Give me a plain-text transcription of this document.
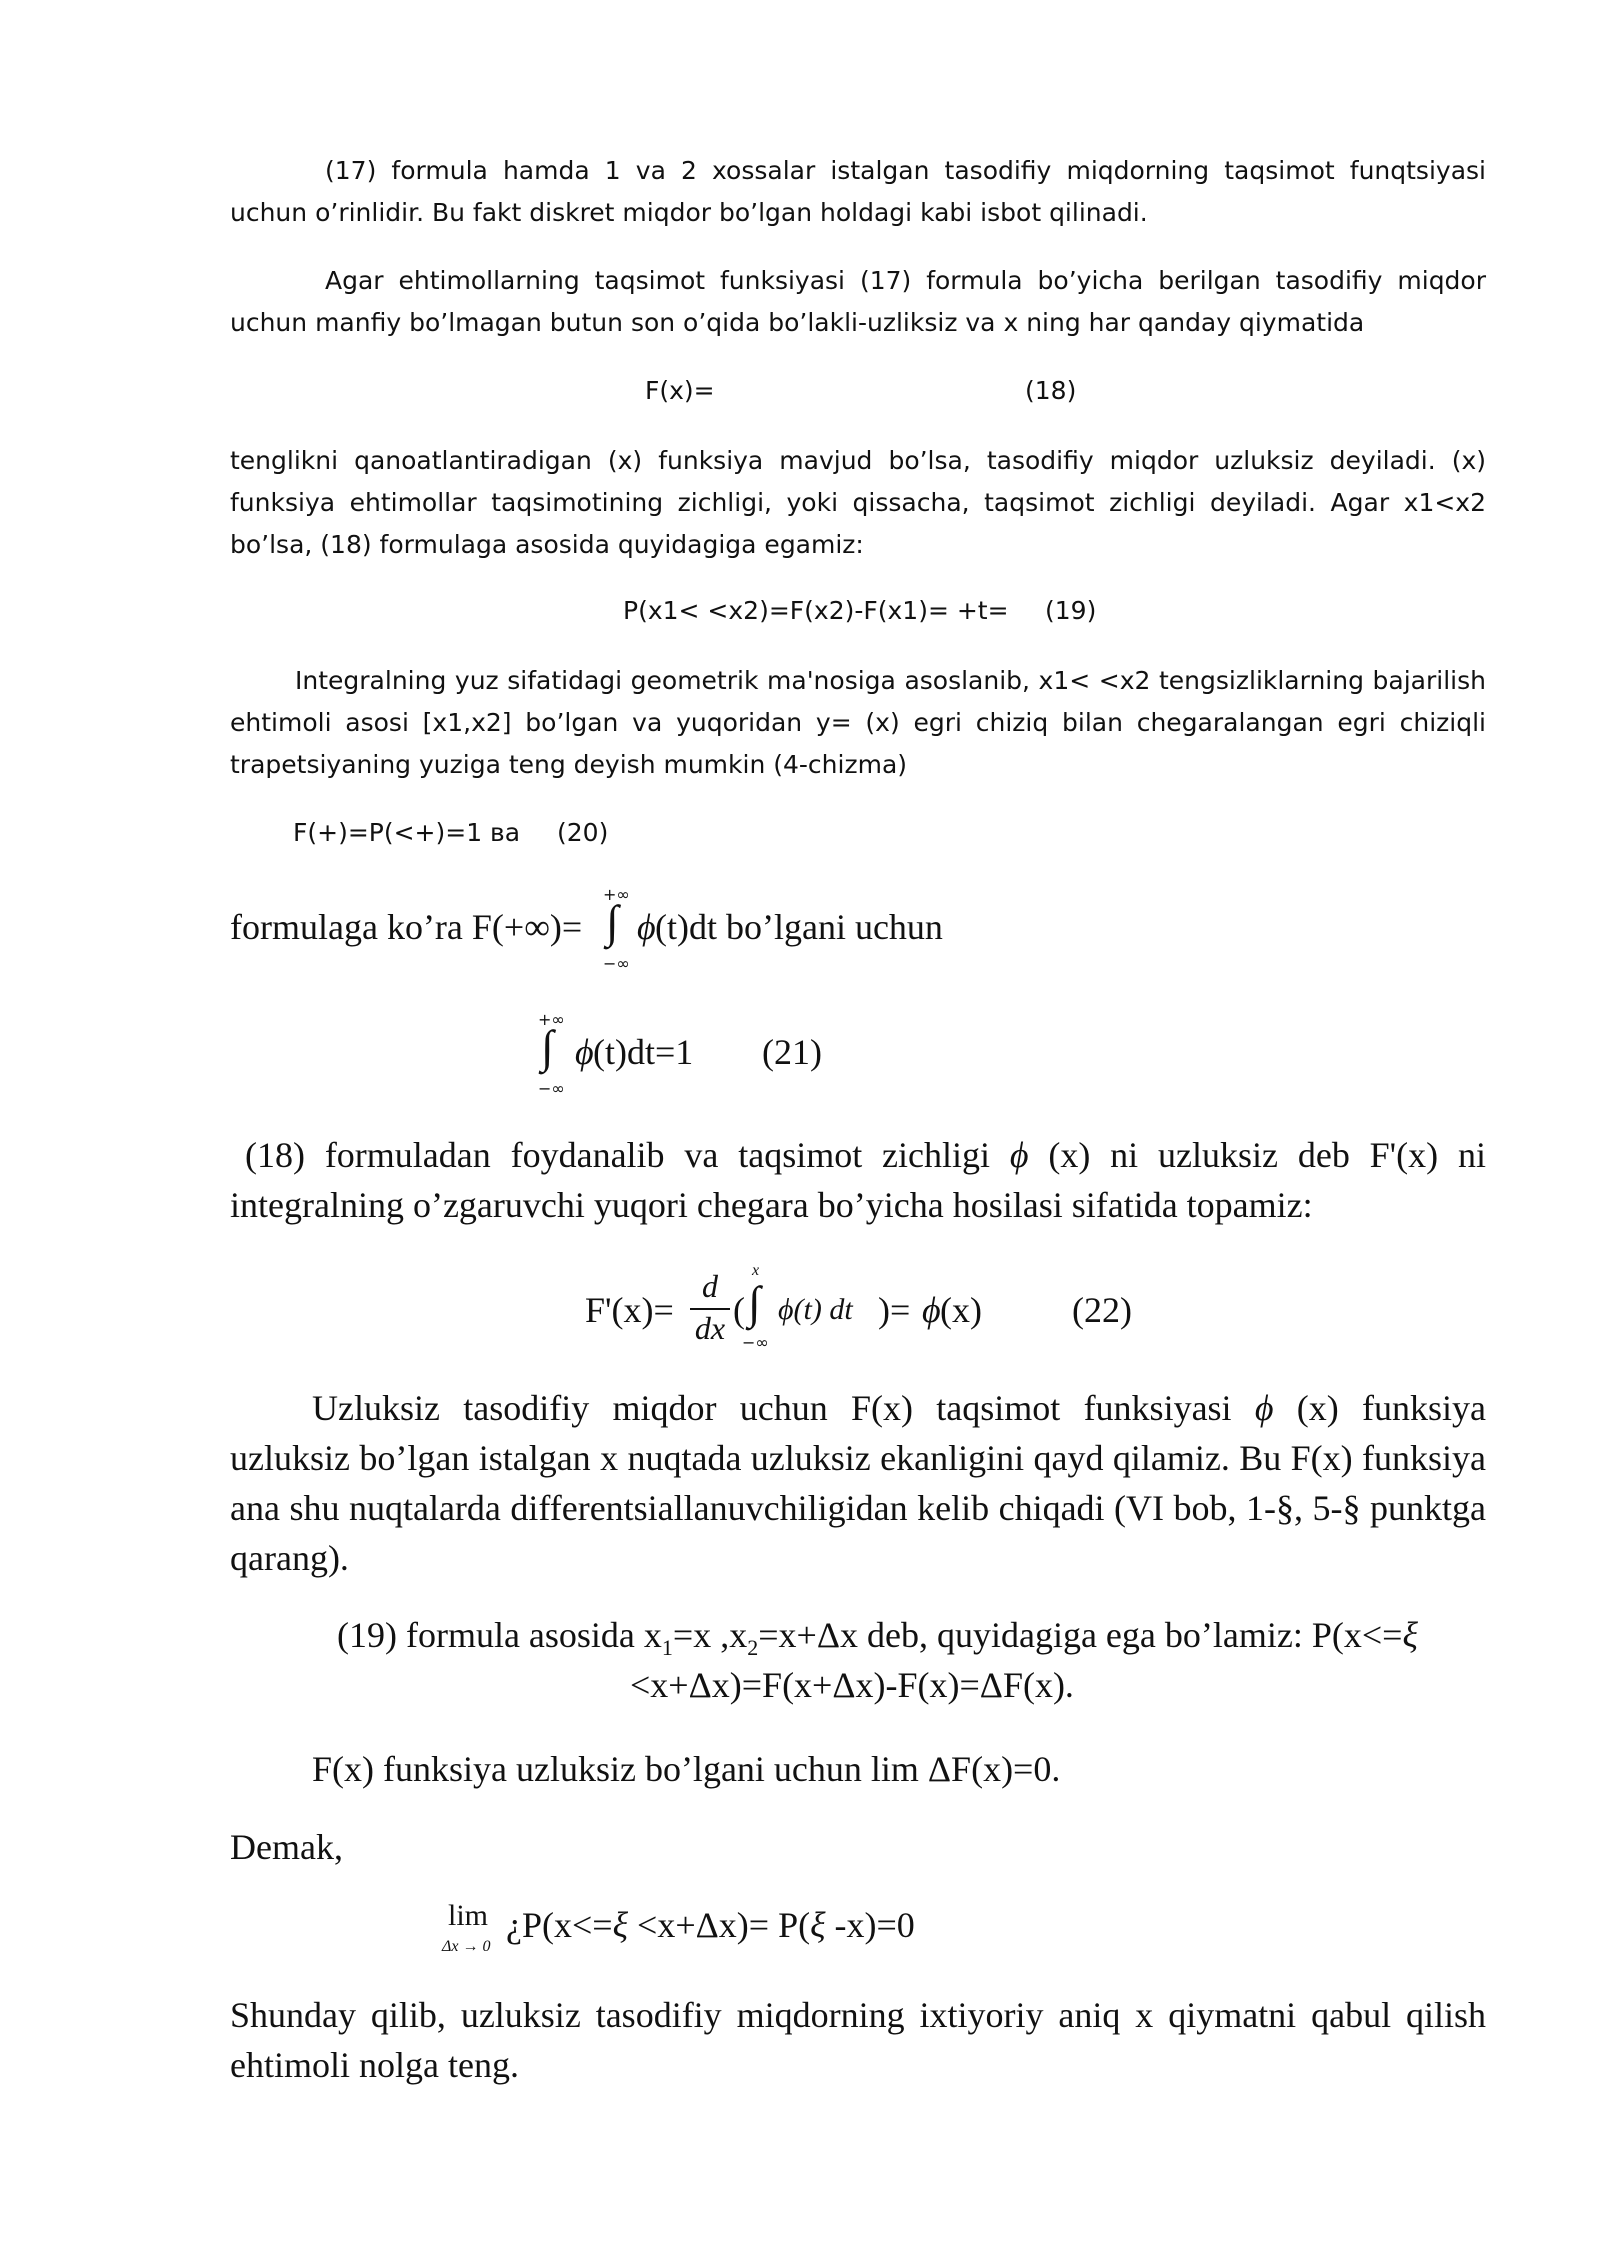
(17) formula hamda 1 va 2 xossalar istalgan tasodifiy miqdorning taqsimot funqtsiyasi uchun o’rinlidir. Bu fakt diskret miqdor bo’lgan holdagi kabi isbot qilinadi.

Agar ehtimollarning taqsimot funksiyasi (17) formula bo’yicha berilgan tasodifiy miqdor uchun manfiy bo’lmagan butun son o’qida bo’lakli-uzliksiz va x ning har qanday qiymatida

F(x)=	(18)

tenglikni qanoatlantiradigan (x) funksiya mavjud bo’lsa, tasodifiy miqdor uzluksiz deyiladi. (x) funksiya ehtimollar taqsimotining zichligi, yoki qissacha, taqsimot zichligi deyiladi. Agar x1<x2 bo’lsa, (18) formulaga asosida quyidagiga egamiz:

P(x1< <x2)=F(x2)-F(x1)= +t= (19)

Integralning yuz sifatidagi geometrik ma'nosiga asoslanib, x1< <x2 tengsizliklarning bajarilish ehtimoli asosi [x1,x2] bo’lgan va yuqoridan y= (x) egri chiziq bilan chegaralangan egri chiziqli trapetsiyaning yuziga teng deyish mumkin (4-chizma)

F(+)=P(<+)=1 ва (20)
formulaga ko’ra F(+∞)=
+∞
∫
−∞
ϕ (t)dt bo’lgani uchun
+∞
∫
−∞
ϕ (t)dt=1 (21)

(18) formuladan foydanalib va taqsimot zichligi ϕ (x) ni uzluksiz deb F'(x) ni integralning o’zgaruvchi yuqori chegara bo’yicha hosilasi sifatida topamiz:

F'(x)=
d
dx (
x
∫
−∞
ϕ(t) dt )= ϕ (x)	(22)

Uzluksiz tasodifiy miqdor uchun F(x) taqsimot funksiyasi ϕ (x) funksiya uzluksiz bo’lgan istalgan x nuqtada uzluksiz ekanligini qayd qilamiz. Bu F(x) funksiya ana shu nuqtalarda differentsiallanuvchiligidan kelib chiqadi (VI bob, 1-§, 5-§ punktga qarang).

(19) formula asosida $x_1=x$ $,x_2=x+\Delta x$ deb, quyidagiga ega bo’lamiz: P(x<=ξ
<x+Δx)=F(x+Δx)-F(x)=ΔF(x).
F(x) funksiya uzluksiz bo’lgani uchun lim ΔF(x)=0.
Demak,
lim
Δx → 0
¿P(x<=ξ <x+Δx)= P(ξ -x)=0

Shunday qilib, uzluksiz tasodifiy miqdorning ixtiyoriy aniq x qiymatni qabul qilish ehtimoli nolga teng.
